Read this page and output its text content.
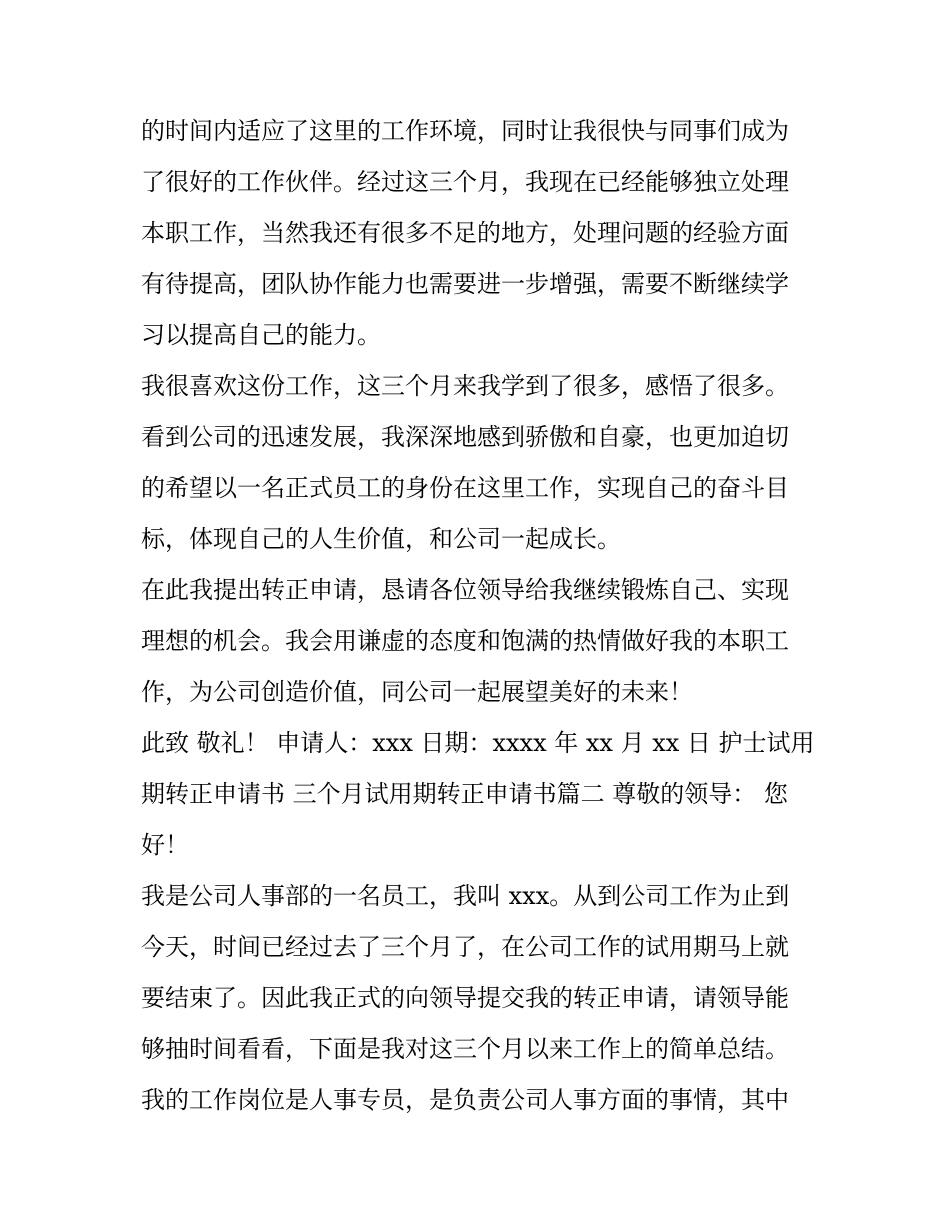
的时间内适应了这里的工作环境，同时让我很快与同事们成为
了很好的工作伙伴。经过这三个月，我现在已经能够独立处理
本职工作，当然我还有很多不足的地方，处理问题的经验方面
有待提高，团队协作能力也需要进一步增强，需要不断继续学
习以提高自己的能力。
我很喜欢这份工作，这三个月来我学到了很多，感悟了很多。
看到公司的迅速发展，我深深地感到骄傲和自豪，也更加迫切
的希望以一名正式员工的身份在这里工作，实现自己的奋斗目
标，体现自己的人生价值，和公司一起成长。
在此我提出转正申请，恳请各位领导给我继续锻炼自己、实现
理想的机会。我会用谦虚的态度和饱满的热情做好我的本职工
作，为公司创造价值，同公司一起展望美好的未来！
此致 敬礼！ 申请人：xxx 日期：xxxx 年 xx 月 xx 日 护士试用
期转正申请书 三个月试用期转正申请书篇二 尊敬的领导： 您
好！
我是公司人事部的一名员工，我叫 xxx。从到公司工作为止到
今天，时间已经过去了三个月了，在公司工作的试用期马上就
要结束了。因此我正式的向领导提交我的转正申请，请领导能
够抽时间看看，下面是我对这三个月以来工作上的简单总结。
我的工作岗位是人事专员，是负责公司人事方面的事情，其中
